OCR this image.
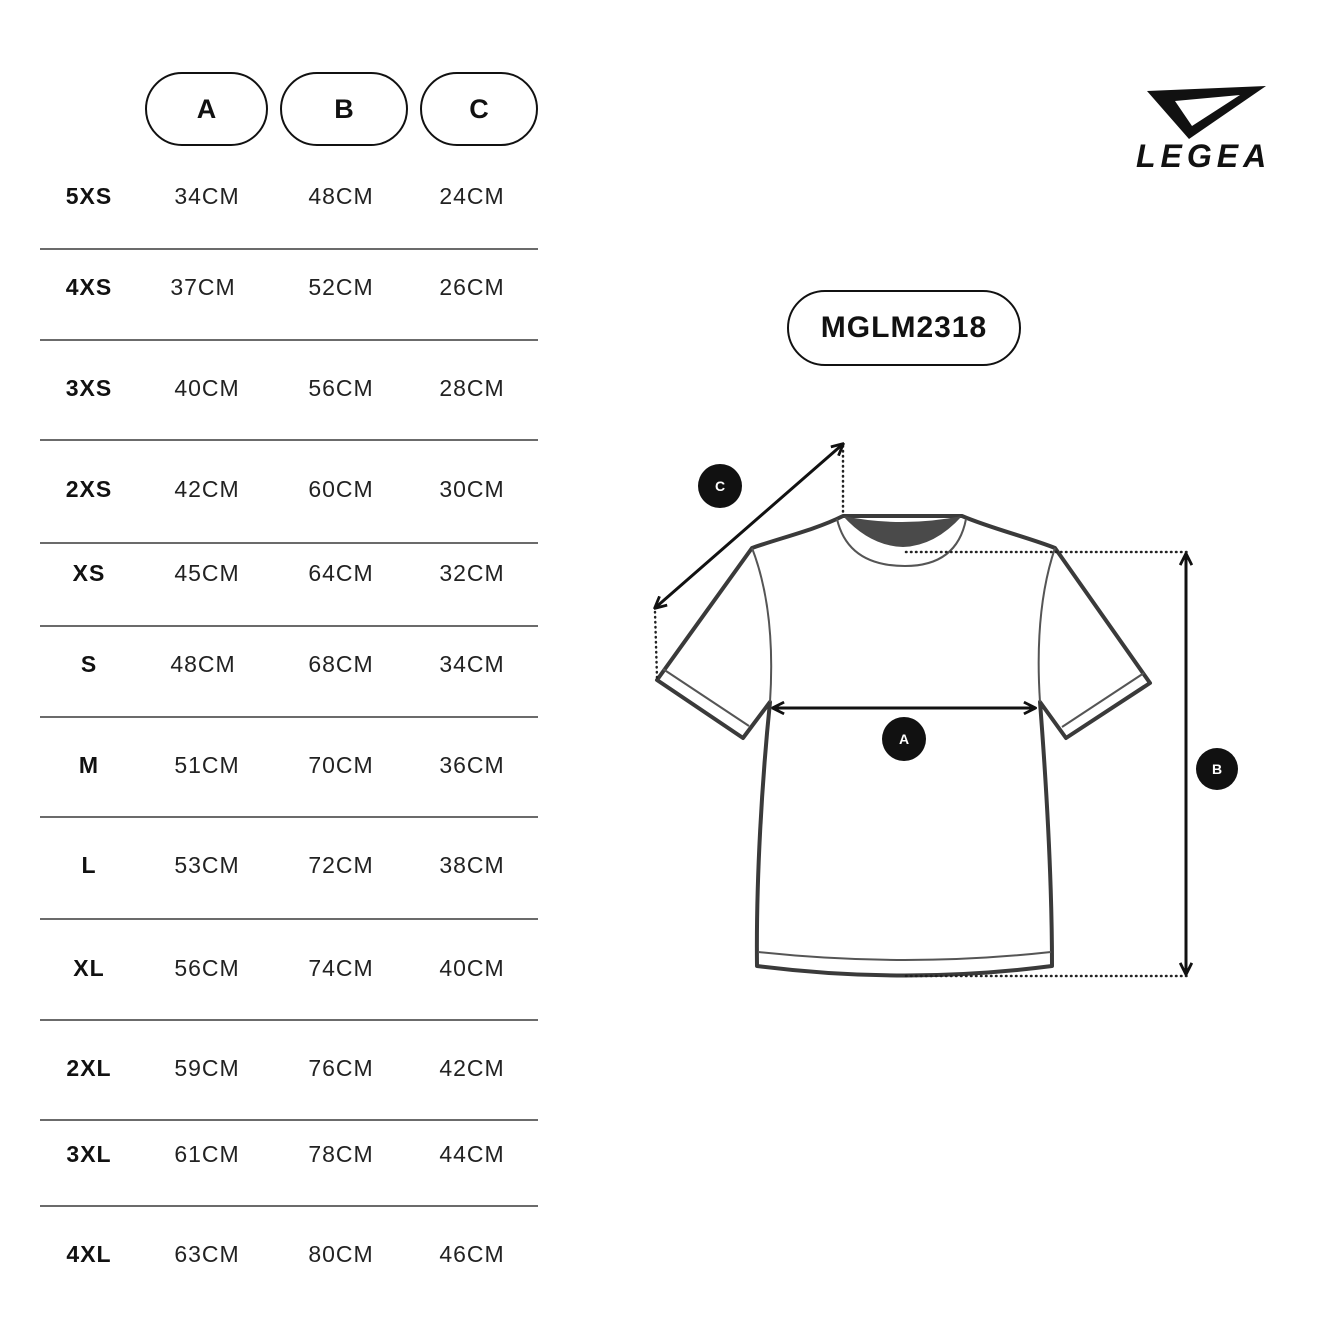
A	B	C
5XS	34CM	48CM	24CM
4XS	37CM	52CM	26CM
3XS	40CM	56CM	28CM
2XS	42CM	60CM	30CM
XS	45CM	64CM	32CM
S	48CM	68CM	34CM
M	51CM	70CM	36CM
L	53CM	72CM	38CM
XL	56CM	74CM	40CM
2XL	59CM	76CM	42CM
3XL	61CM	78CM	44CM
4XL	63CM	80CM	46CM
LEGEA
MGLM2318
C
A
B
